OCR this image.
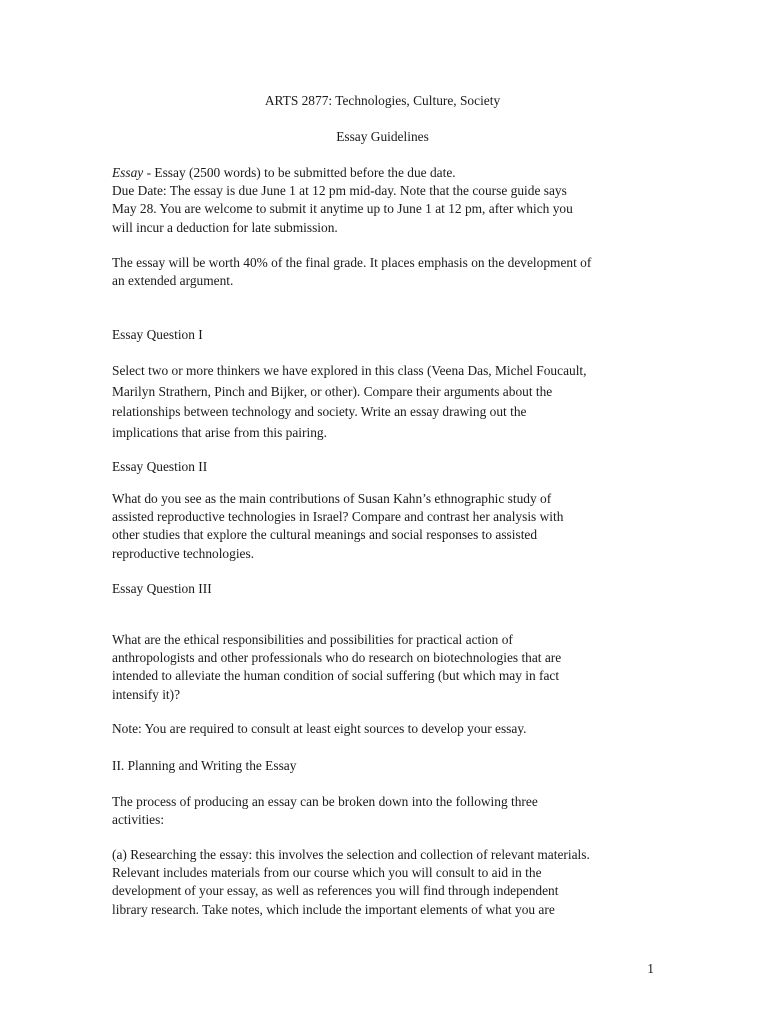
ARTS 2877: Technologies, Culture, Society

Essay Guidelines

Essay - Essay (2500 words) to be submitted before the due date.
Due Date: The essay is due June 1 at 12 pm mid-day. Note that the course guide says
May 28. You are welcome to submit it anytime up to June 1 at 12 pm, after which you
will incur a deduction for late submission.
The essay will be worth 40% of the final grade. It places emphasis on the development of
an extended argument.

Essay Question I

Select two or more thinkers we have explored in this class (Veena Das, Michel Foucault,
Marilyn Strathern, Pinch and Bijker, or other). Compare their arguments about the
relationships between technology and society. Write an essay drawing out the
implications that arise from this pairing.

Essay Question II

What do you see as the main contributions of Susan Kahn’s ethnographic study of
assisted reproductive technologies in Israel? Compare and contrast her analysis with
other studies that explore the cultural meanings and social responses to assisted
reproductive technologies.

Essay Question III

What are the ethical responsibilities and possibilities for practical action of
anthropologists and other professionals who do research on biotechnologies that are
intended to alleviate the human condition of social suffering (but which may in fact
intensify it)?

Note: You are required to consult at least eight sources to develop your essay.

II. Planning and Writing the Essay

The process of producing an essay can be broken down into the following three
activities:
(a) Researching the essay: this involves the selection and collection of relevant materials.
Relevant includes materials from our course which you will consult to aid in the
development of your essay, as well as references you will find through independent
library research. Take notes, which include the important elements of what you are
1
